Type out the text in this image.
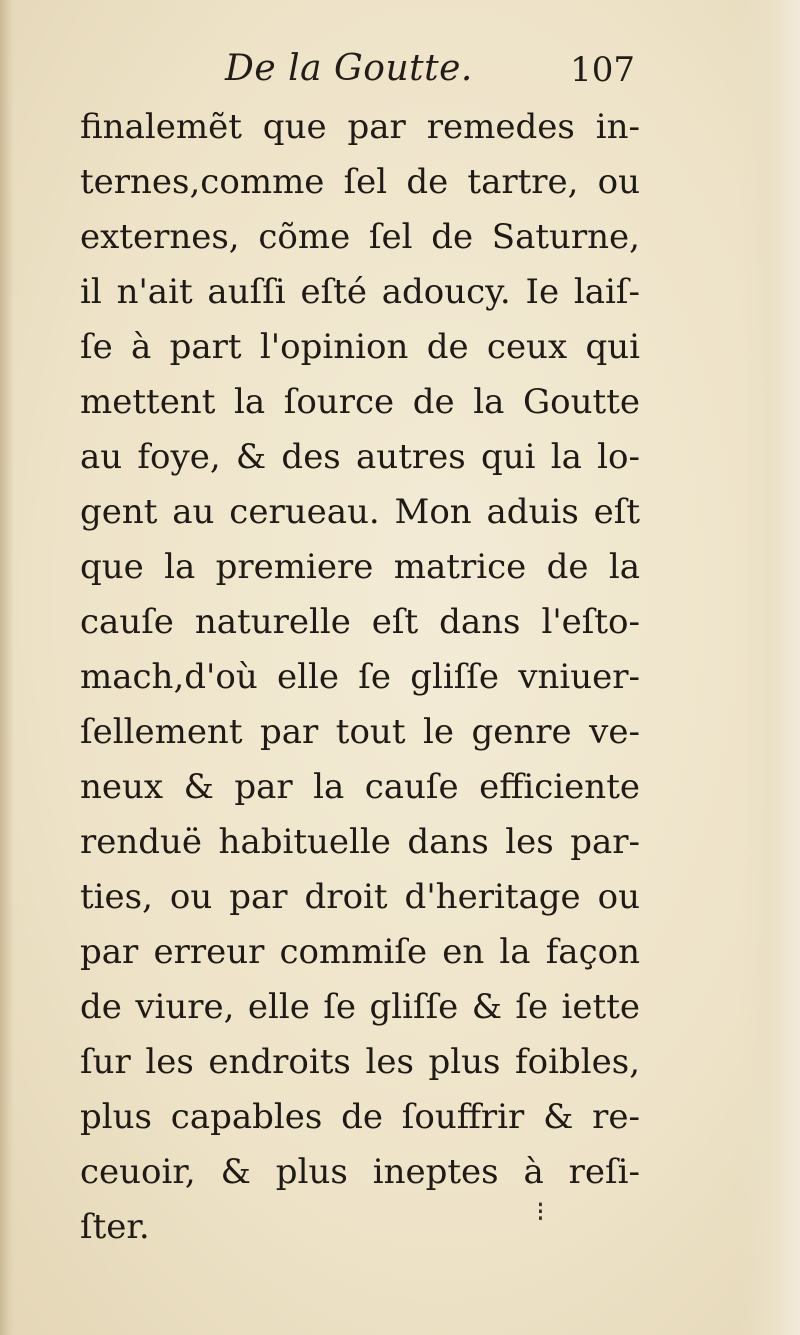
De la Goutte.	107
finalemẽt que par remedes in-
ternes,comme ſel de tartre, ou
externes, cõme ſel de Saturne,
il n'ait auſſi eſté adoucy. Ie laiſ-
ſe à part l'opinion de ceux qui
mettent la ſource de la Goutte
au foye, & des autres qui la lo-
gent au cerueau. Mon aduis eſt
que la premiere matrice de la
cauſe naturelle eſt dans l'eſto-
mach,d'où elle ſe gliſſe vniuer-
ſellement par tout le genre ve-
neux & par la cauſe efficiente
renduë habituelle dans les par-
ties, ou par droit d'heritage ou
par erreur commiſe en la façon
de viure, elle ſe gliſſe & ſe iette
ſur les endroits les plus foibles,
plus capables de ſouffrir & re-
ceuoir, & plus ineptes à reſi-
ſter.	⁝
